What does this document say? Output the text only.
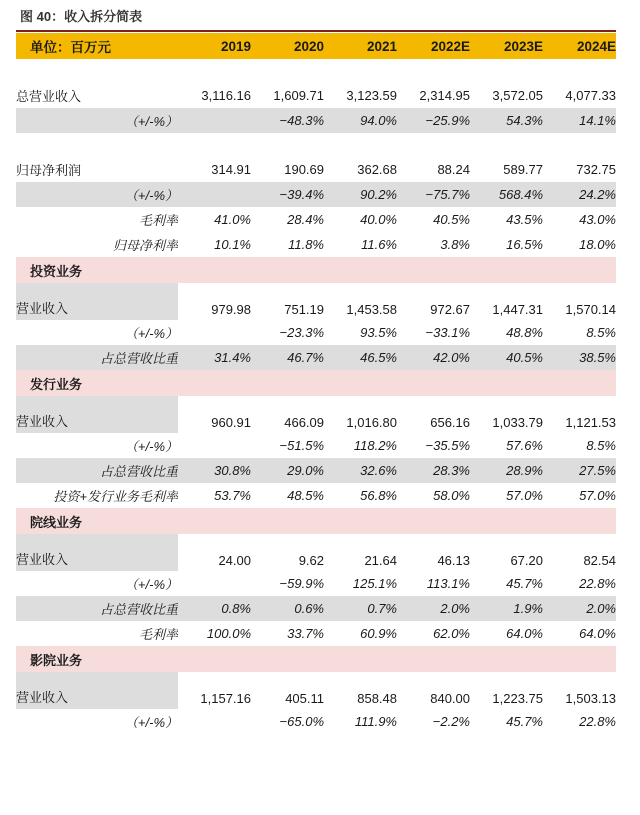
图 40：收入拆分简表
单位：百万元	2019	2020	2021	2022E	2023E	2024E

总营业收入	3,116.16	1,609.71	3,123.59	2,314.95	3,572.05	4,077.33
（+/-%）		−48.3%	94.0%	−25.9%	54.3%	14.1%

归母净利润	314.91	190.69	362.68	88.24	589.77	732.75
（+/-%）		−39.4%	90.2%	−75.7%	568.4%	24.2%
毛利率	41.0%	28.4%	40.0%	40.5%	43.5%	43.0%
归母净利率	10.1%	11.8%	11.6%	3.8%	16.5%	18.0%
投资业务						
营业收入	979.98	751.19	1,453.58	972.67	1,447.31	1,570.14
（+/-%）		−23.3%	93.5%	−33.1%	48.8%	8.5%
占总营收比重	31.4%	46.7%	46.5%	42.0%	40.5%	38.5%
发行业务						
营业收入	960.91	466.09	1,016.80	656.16	1,033.79	1,121.53
（+/-%）		−51.5%	118.2%	−35.5%	57.6%	8.5%
占总营收比重	30.8%	29.0%	32.6%	28.3%	28.9%	27.5%
投资+发行业务毛利率	53.7%	48.5%	56.8%	58.0%	57.0%	57.0%
院线业务						
营业收入	24.00	9.62	21.64	46.13	67.20	82.54
（+/-%）		−59.9%	125.1%	113.1%	45.7%	22.8%
占总营收比重	0.8%	0.6%	0.7%	2.0%	1.9%	2.0%
毛利率	100.0%	33.7%	60.9%	62.0%	64.0%	64.0%
影院业务						
营业收入	1,157.16	405.11	858.48	840.00	1,223.75	1,503.13
（+/-%）		−65.0%	111.9%	−2.2%	45.7%	22.8%
